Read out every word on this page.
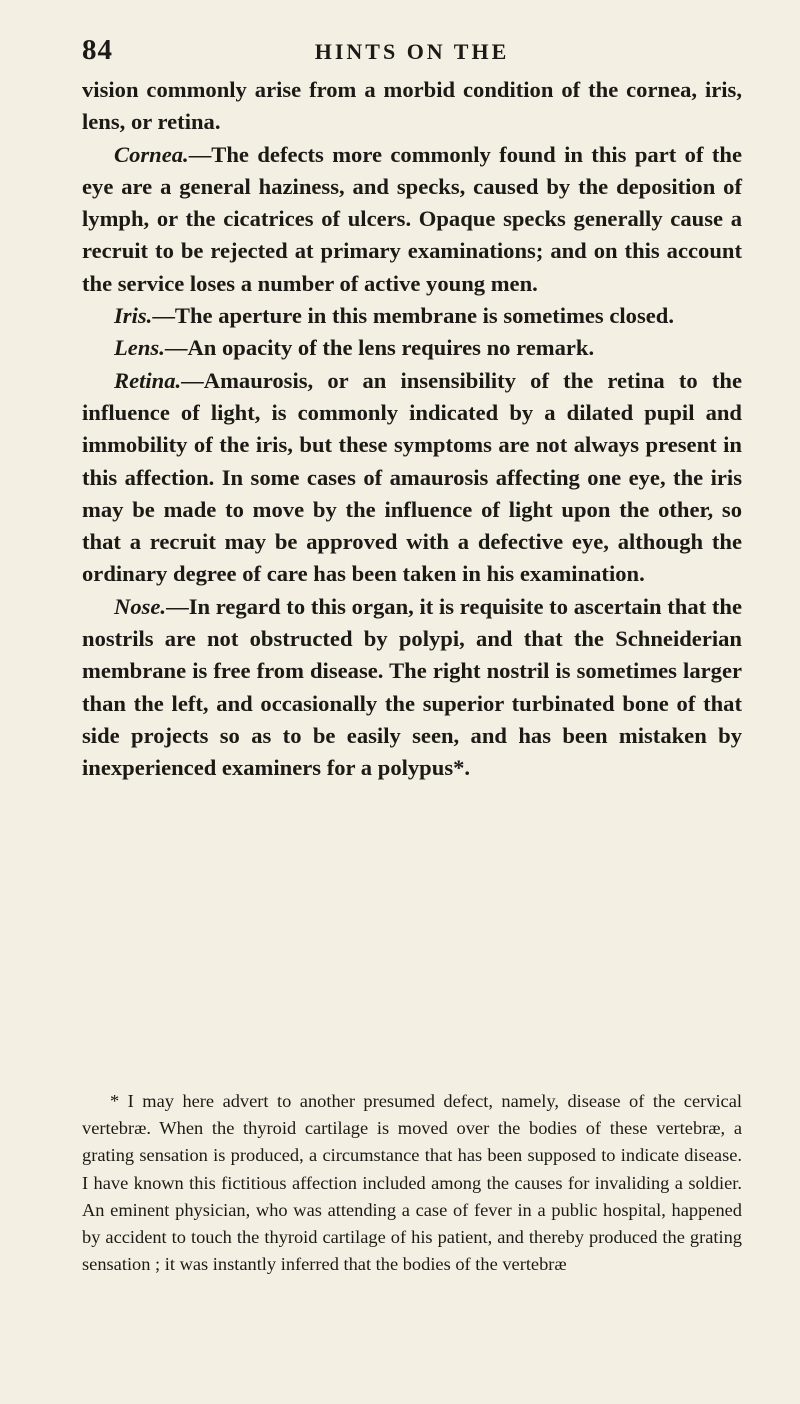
84	HINTS ON THE

vision commonly arise from a morbid condition of the cornea, iris, lens, or retina.

Cornea.—The defects more commonly found in this part of the eye are a general haziness, and specks, caused by the deposition of lymph, or the cicatrices of ulcers. Opaque specks generally cause a recruit to be rejected at primary examinations; and on this account the service loses a number of active young men.

Iris.—The aperture in this membrane is sometimes closed.

Lens.—An opacity of the lens requires no remark.

Retina.—Amaurosis, or an insensibility of the retina to the influence of light, is commonly indicated by a dilated pupil and immobility of the iris, but these symptoms are not always present in this affection. In some cases of amaurosis affecting one eye, the iris may be made to move by the influence of light upon the other, so that a recruit may be approved with a defective eye, although the ordinary degree of care has been taken in his examination.

Nose.—In regard to this organ, it is requisite to ascertain that the nostrils are not obstructed by polypi, and that the Schneiderian membrane is free from disease. The right nostril is sometimes larger than the left, and occasionally the superior turbinated bone of that side projects so as to be easily seen, and has been mistaken by inexperienced examiners for a polypus*.

* I may here advert to another presumed defect, namely, disease of the cervical vertebræ. When the thyroid cartilage is moved over the bodies of these vertebræ, a grating sensation is produced, a circumstance that has been supposed to indicate disease. I have known this fictitious affection included among the causes for invaliding a soldier. An eminent physician, who was attending a case of fever in a public hospital, happened by accident to touch the thyroid cartilage of his patient, and thereby produced the grating sensation ; it was instantly inferred that the bodies of the vertebræ
